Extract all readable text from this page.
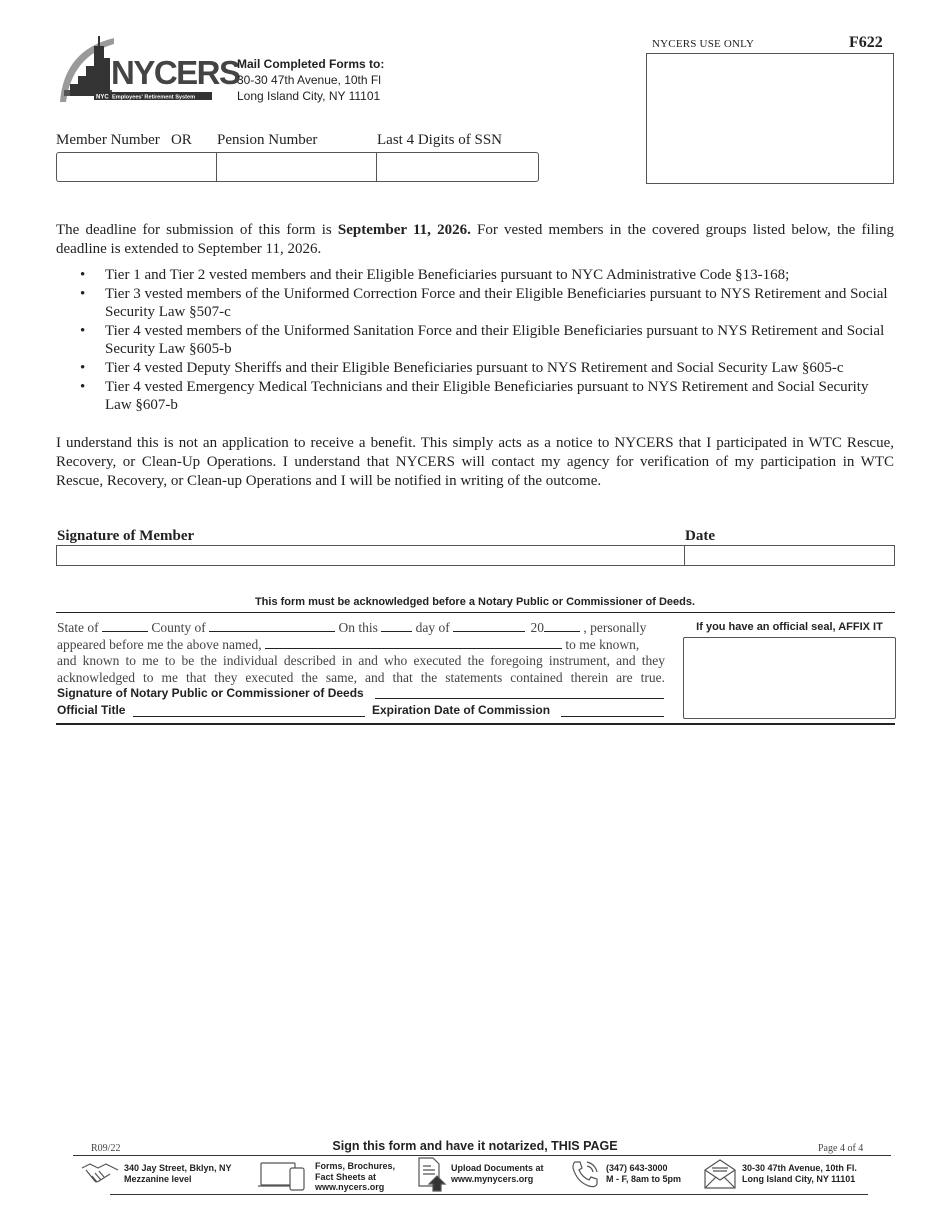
NYCERS
NYC Employees' Retirement System
Mail Completed Forms to:
30-30 47th Avenue, 10th Fl
Long Island City, NY 11101
NYCERS USE ONLY	F622
Member Number   OR Pension Number	Last 4 Digits of SSN
The deadline for submission of this form is September 11, 2026. For vested members in the covered groups listed below, the filing deadline is extended to September 11, 2026.
• Tier 1 and Tier 2 vested members and their Eligible Beneficiaries pursuant to NYC Administrative Code §13-168;
• Tier 3 vested members of the Uniformed Correction Force and their Eligible Beneficiaries pursuant to NYS Retirement and Social Security Law §507-c
• Tier 4 vested members of the Uniformed Sanitation Force and their Eligible Beneficiaries pursuant to NYS Retirement and Social Security Law §605-b
• Tier 4 vested Deputy Sheriffs and their Eligible Beneficiaries pursuant to NYS Retirement and Social Security Law §605-c
• Tier 4 vested Emergency Medical Technicians and their Eligible Beneficiaries pursuant to NYS Retirement and Social Security Law §607-b
I understand this is not an application to receive a benefit. This simply acts as a notice to NYCERS that I participated in WTC Rescue, Recovery, or Clean-Up Operations. I understand that NYCERS will contact my agency for verification of my participation in WTC Rescue, Recovery, or Clean-up Operations and I will be notified in writing of the outcome.
Signature of Member	Date
This form must be acknowledged before a Notary Public or Commissioner of Deeds.
State of	County of	On this	day of	20	, personally
appeared before me the above named,	to me known,
and known to me to be the individual described in and who executed the foregoing instrument, and they
acknowledged to me that they executed the same, and that the statements contained therein are true.
Signature of Notary Public or Commissioner of Deeds
Official Title	Expiration Date of Commission
If you have an official seal, AFFIX IT
R09/22	Sign this form and have it notarized, THIS PAGE	Page 4 of 4
340 Jay Street, Bklyn, NY
Mezzanine level
Forms, Brochures,
Fact Sheets at
www.nycers.org
Upload Documents at
www.mynycers.org
(347) 643-3000
M - F, 8am to 5pm
30-30 47th Avenue, 10th Fl.
Long Island City, NY 11101
